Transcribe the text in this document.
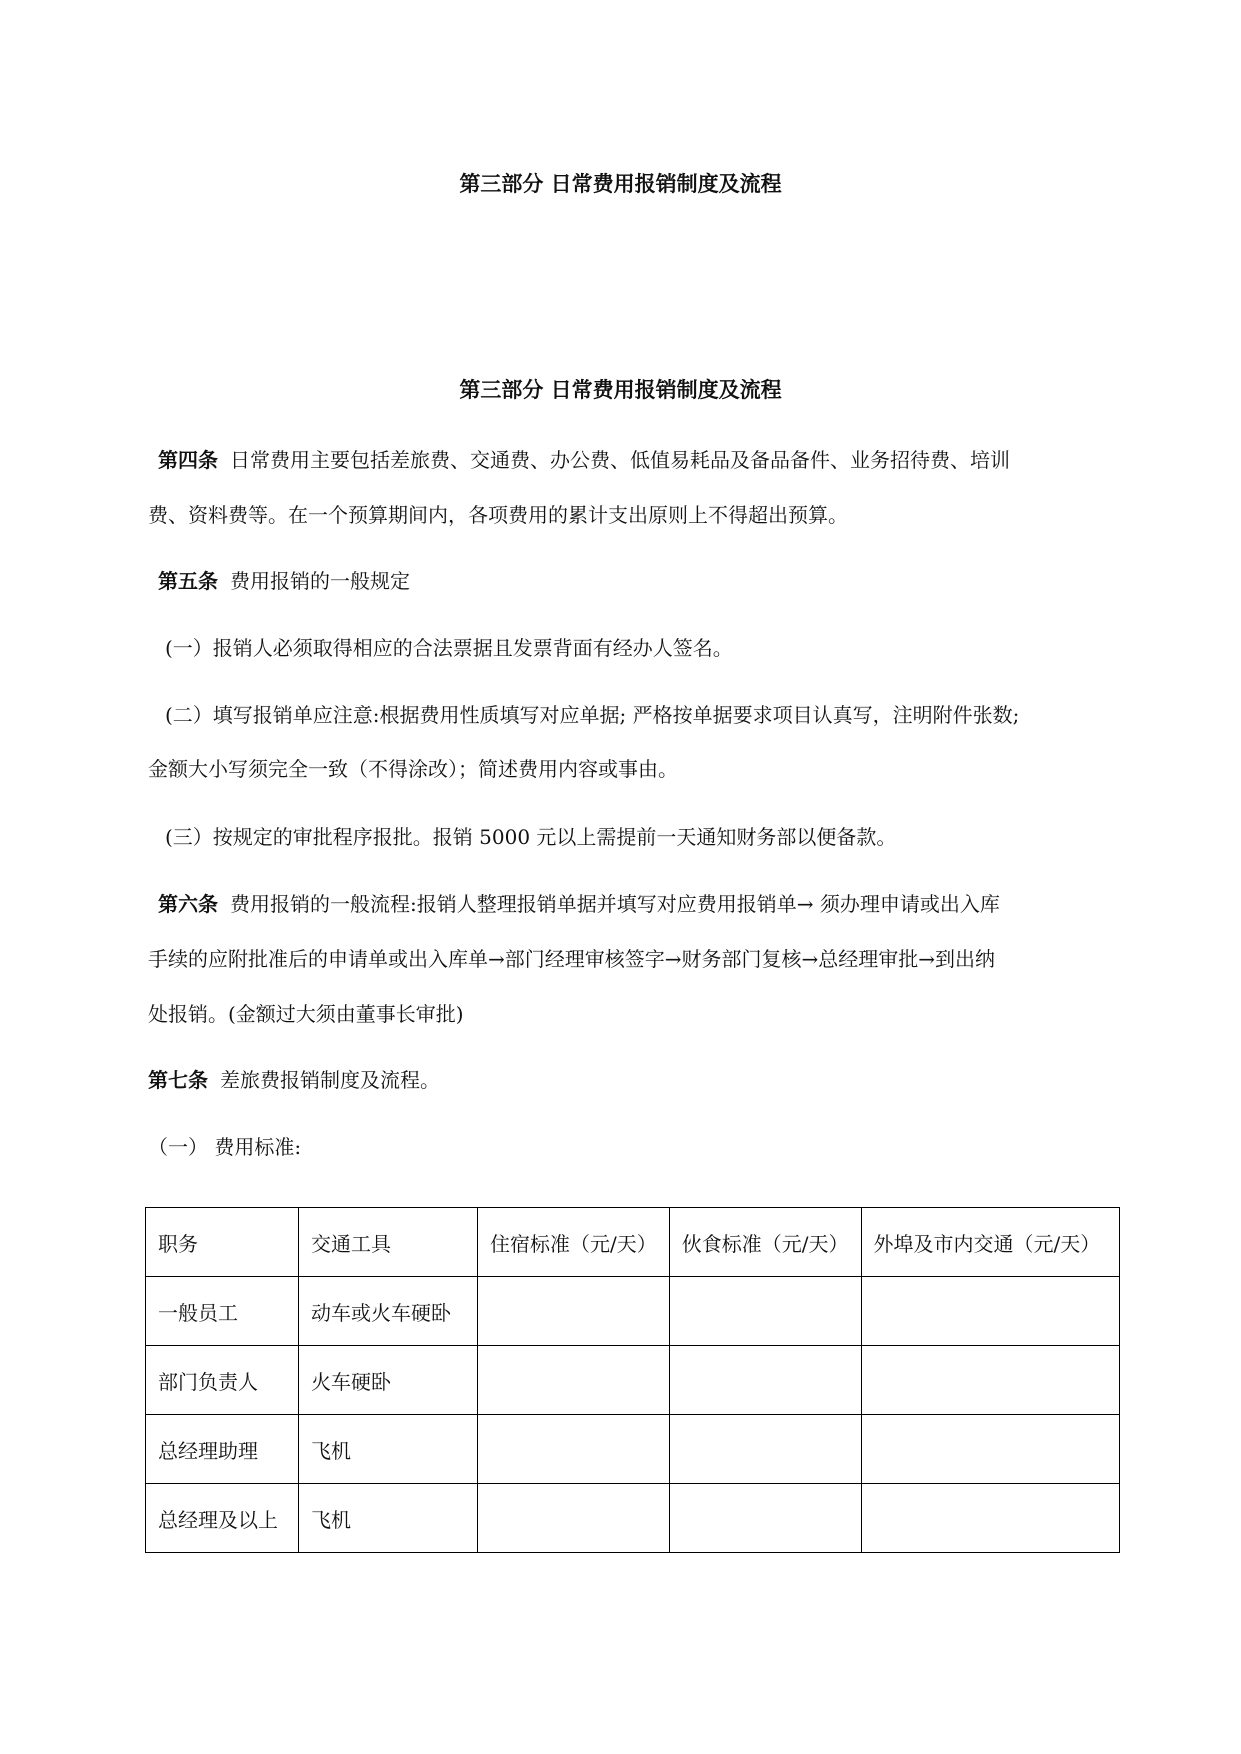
第三部分 日常费用报销制度及流程
第三部分 日常费用报销制度及流程
第四条 日常费用主要包括差旅费、交通费、办公费、低值易耗品及备品备件、业务招待费、培训
费、资料费等。在一个预算期间内，各项费用的累计支出原则上不得超出预算。
第五条 费用报销的一般规定
(一）报销人必须取得相应的合法票据且发票背面有经办人签名。
(二）填写报销单应注意:根据费用性质填写对应单据; 严格按单据要求项目认真写，注明附件张数;
金额大小写须完全一致（不得涂改）；简述费用内容或事由。
(三）按规定的审批程序报批。报销 5000 元以上需提前一天通知财务部以便备款。
第六条 费用报销的一般流程:报销人整理报销单据并填写对应费用报销单→ 须办理申请或出入库
手续的应附批准后的申请单或出入库单→部门经理审核签字→财务部门复核→总经理审批→到出纳
处报销。(金额过大须由董事长审批)
第七条 差旅费报销制度及流程。
（一） 费用标准:
职务	交通工具	住宿标准（元/天）	伙食标准（元/天）	外埠及市内交通（元/天）
一般员工	动车或火车硬卧			
部门负责人	火车硬卧			
总经理助理	飞机			
总经理及以上	飞机			
